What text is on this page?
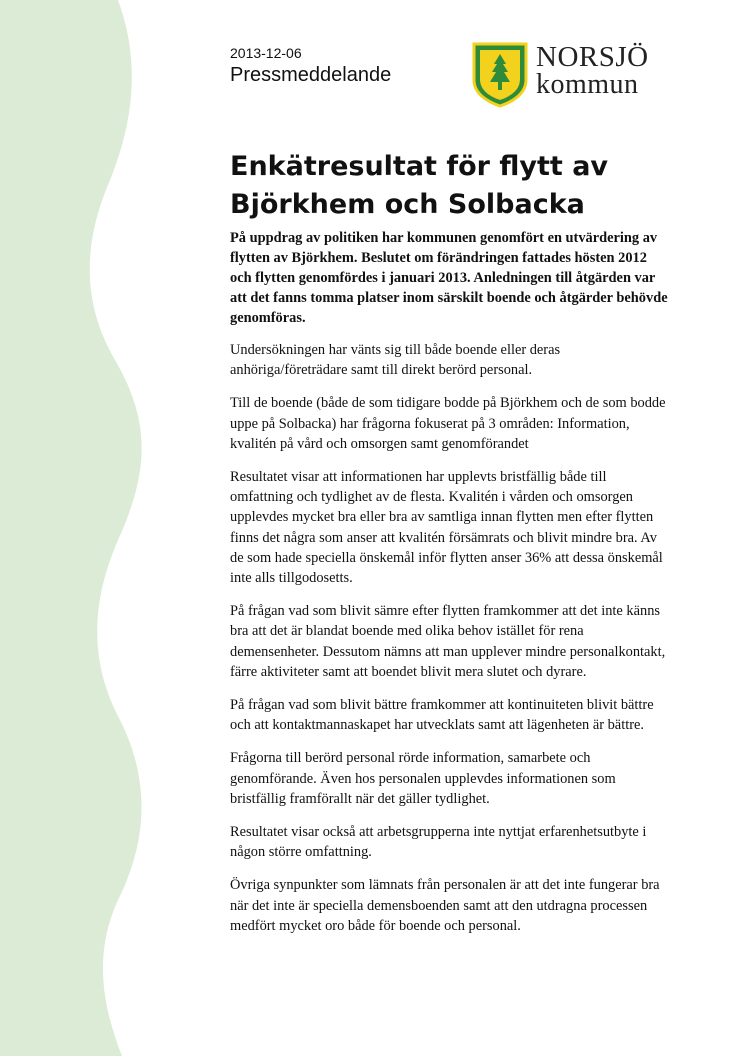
2013-12-06
Pressmeddelande
NORSJÖ
kommun
Enkätresultat för flytt av
Björkhem och Solbacka

På uppdrag av politiken har kommunen genomfört en utvärdering av flytten av Björkhem. Beslutet om förändringen fattades hösten 2012 och flytten genomfördes i januari 2013. Anledningen till åtgärden var att det fanns tomma platser inom särskilt boende och åtgärder behövde genomföras.

Undersökningen har vänts sig till både boende eller deras anhöriga/företrädare samt till direkt berörd personal.

Till de boende (både de som tidigare bodde på Björkhem och de som bodde uppe på Solbacka) har frågorna fokuserat på 3 områden: Information, kvalitén på vård och omsorgen samt genomförandet

Resultatet visar att informationen har upplevts bristfällig både till omfattning och tydlighet av de flesta. Kvalitén i vården och omsorgen upplevdes mycket bra eller bra av samtliga innan flytten men efter flytten finns det några som anser att kvalitén försämrats och blivit mindre bra. Av de som hade speciella önskemål inför flytten anser 36% att dessa önskemål inte alls tillgodosetts.

På frågan vad som blivit sämre efter flytten framkommer att det inte känns bra att det är blandat boende med olika behov istället för rena demensenheter. Dessutom nämns att man upplever mindre personalkontakt, färre aktiviteter samt att boendet blivit mera slutet och dyrare.

På frågan vad som blivit bättre framkommer att kontinuiteten blivit bättre och att kontaktmannaskapet har utvecklats samt att lägenheten är bättre.

Frågorna till berörd personal rörde information, samarbete och genomförande. Även hos personalen upplevdes informationen som bristfällig framförallt när det gäller tydlighet.

Resultatet visar också att arbetsgrupperna inte nyttjat erfarenhetsutbyte i någon större omfattning.

Övriga synpunkter som lämnats från personalen är att det inte fungerar bra när det inte är speciella demensboenden samt att den utdragna processen medfört mycket oro både för boende och personal.
